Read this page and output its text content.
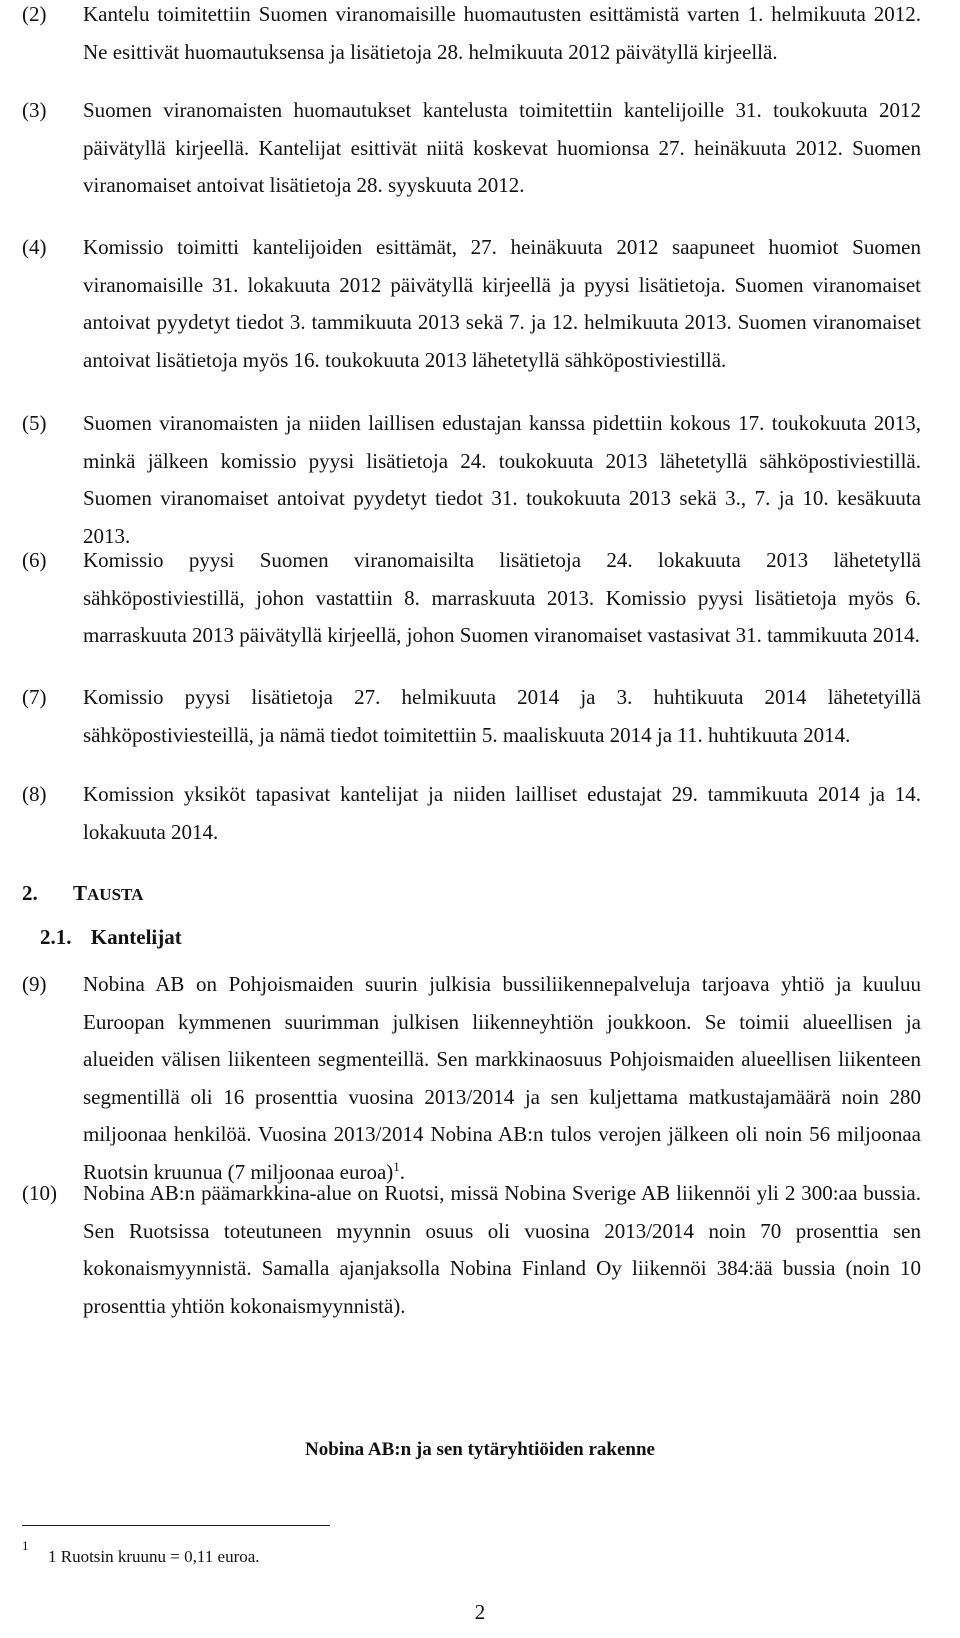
(2) Kantelu toimitettiin Suomen viranomaisille huomautusten esittämistä varten 1. helmikuuta 2012. Ne esittivät huomautuksensa ja lisätietoja 28. helmikuuta 2012 päivätyllä kirjeellä.
(3) Suomen viranomaisten huomautukset kantelusta toimitettiin kantelijoille 31. toukokuuta 2012 päivätyllä kirjeellä. Kantelijat esittivät niitä koskevat huomionsa 27. heinäkuuta 2012. Suomen viranomaiset antoivat lisätietoja 28. syyskuuta 2012.
(4) Komissio toimitti kantelijoiden esittämät, 27. heinäkuuta 2012 saapuneet huomiot Suomen viranomaisille 31. lokakuuta 2012 päivätyllä kirjeellä ja pyysi lisätietoja. Suomen viranomaiset antoivat pyydetyt tiedot 3. tammikuuta 2013 sekä 7. ja 12. helmikuuta 2013. Suomen viranomaiset antoivat lisätietoja myös 16. toukokuuta 2013 lähetetyllä sähköpostiviestillä.
(5) Suomen viranomaisten ja niiden laillisen edustajan kanssa pidettiin kokous 17. toukokuuta 2013, minkä jälkeen komissio pyysi lisätietoja 24. toukokuuta 2013 lähetetyllä sähköpostiviestillä. Suomen viranomaiset antoivat pyydetyt tiedot 31. toukokuuta 2013 sekä 3., 7. ja 10. kesäkuuta 2013.
(6) Komissio pyysi Suomen viranomaisilta lisätietoja 24. lokakuuta 2013 lähetetyllä sähköpostiviestillä, johon vastattiin 8. marraskuuta 2013. Komissio pyysi lisätietoja myös 6. marraskuuta 2013 päivätyllä kirjeellä, johon Suomen viranomaiset vastasivat 31. tammikuuta 2014.
(7) Komissio pyysi lisätietoja 27. helmikuuta 2014 ja 3. huhtikuuta 2014 lähetetyillä sähköpostiviesteillä, ja nämä tiedot toimitettiin 5. maaliskuuta 2014 ja 11. huhtikuuta 2014.
(8) Komission yksiköt tapasivat kantelijat ja niiden lailliset edustajat 29. tammikuuta 2014 ja 14. lokakuuta 2014.
2. TAUSTA
2.1. Kantelijat
(9) Nobina AB on Pohjoismaiden suurin julkisia bussiliikennepalveluja tarjoava yhtiö ja kuuluu Euroopan kymmenen suurimman julkisen liikenneyhtiön joukkoon. Se toimii alueellisen ja alueiden välisen liikenteen segmenteillä. Sen markkinaosuus Pohjoismaiden alueellisen liikenteen segmentillä oli 16 prosenttia vuosina 2013/2014 ja sen kuljettama matkustajamäärä noin 280 miljoonaa henkilöä. Vuosina 2013/2014 Nobina AB:n tulos verojen jälkeen oli noin 56 miljoonaa Ruotsin kruunua (7 miljoonaa euroa)$^1$.
(10) Nobina AB:n päämarkkina-alue on Ruotsi, missä Nobina Sverige AB liikennöi yli 2 300:aa bussia. Sen Ruotsissa toteutuneen myynnin osuus oli vuosina 2013/2014 noin 70 prosenttia sen kokonaismyynnistä. Samalla ajanjaksolla Nobina Finland Oy liikennöi 384:ää bussia (noin 10 prosenttia yhtiön kokonaismyynnistä).
Nobina AB:n ja sen tytäryhtiöiden rakenne
1
1 Ruotsin kruunu = 0,11 euroa.
2
